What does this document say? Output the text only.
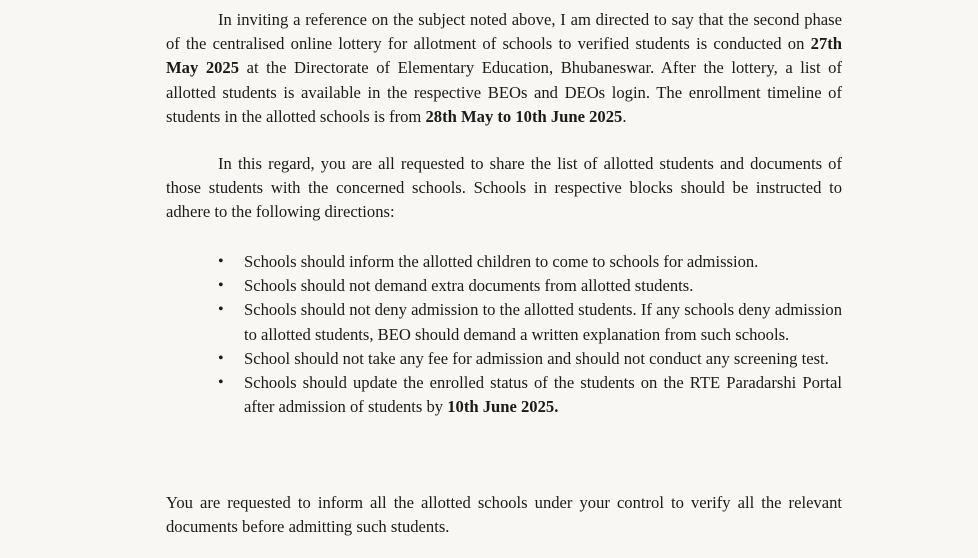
In inviting a reference on the subject noted above, I am directed to say that the second phase of the centralised online lottery for allotment of schools to verified students is conducted on 27th May 2025 at the Directorate of Elementary Education, Bhubaneswar. After the lottery, a list of allotted students is available in the respective BEOs and DEOs login. The enrollment timeline of students in the allotted schools is from 28th May to 10th June 2025.

In this regard, you are all requested to share the list of allotted students and documents of those students with the concerned schools. Schools in respective blocks should be instructed to adhere to the following directions:

• Schools should inform the allotted children to come to schools for admission.
• Schools should not demand extra documents from allotted students.
• Schools should not deny admission to the allotted students. If any schools deny admission to allotted students, BEO should demand a written explanation from such schools.
• School should not take any fee for admission and should not conduct any screening test.
• Schools should update the enrolled status of the students on the RTE Paradarshi Portal after admission of students by 10th June 2025.

You are requested to inform all the allotted schools under your control to verify all the relevant documents before admitting such students.
